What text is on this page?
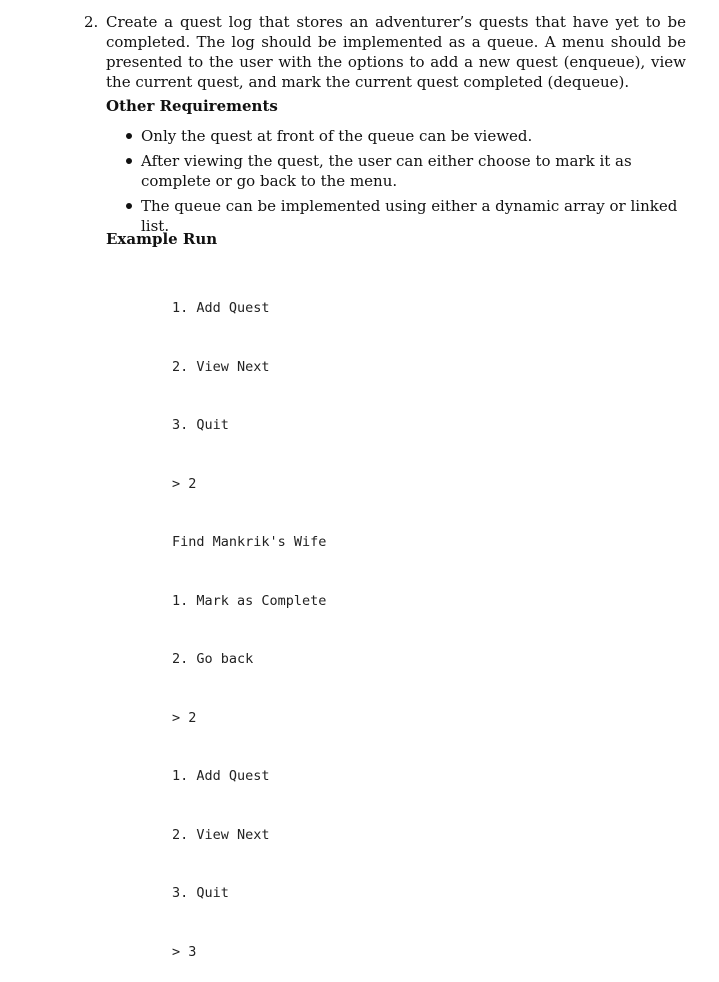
2. Create a quest log that stores an adventurer’s quests that have yet to be completed. The log should be implemented as a queue. A menu should be presented to the user with the options to add a new quest (enqueue), view the current quest, and mark the current quest completed (dequeue).
Other Requirements
Only the quest at front of the queue can be viewed.
After viewing the quest, the user can either choose to mark it as complete or go back to the menu.
The queue can be implemented using either a dynamic array or linked list.
Example Run

1. Add Quest

2. View Next

3. Quit

> 2

Find Mankrik's Wife

1. Mark as Complete

2. Go back

> 2

1. Add Quest

2. View Next

3. Quit

> 3
